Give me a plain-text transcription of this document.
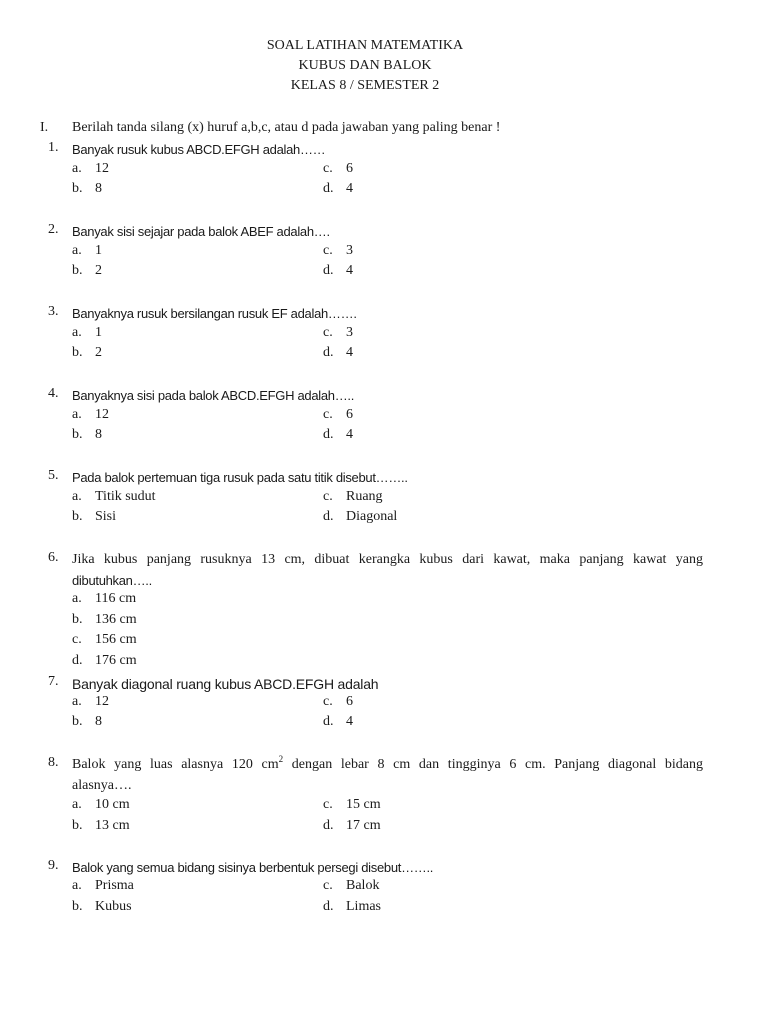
SOAL LATIHAN MATEMATIKA
KUBUS DAN BALOK
KELAS 8 / SEMESTER 2
I. Berilah tanda silang (x) huruf a,b,c, atau d pada jawaban yang paling benar !
1. Banyak rusuk kubus ABCD.EFGH adalah……
a. 12
b. 8
c. 6
d. 4
2. Banyak sisi sejajar pada balok ABEF adalah….
a. 1
b. 2
c. 3
d. 4
3. Banyaknya rusuk bersilangan rusuk EF adalah…….
a. 1
b. 2
c. 3
d. 4
4. Banyaknya sisi pada balok ABCD.EFGH adalah…..
a. 12
b. 8
c. 6
d. 4
5. Pada balok pertemuan tiga rusuk pada satu titik disebut……..
a. Titik sudut
b. Sisi
c. Ruang
d. Diagonal
6. Jika kubus panjang rusuknya 13 cm, dibuat kerangka kubus dari kawat, maka panjang kawat yang
dibutuhkan…..
a. 116 cm
b. 136 cm
c. 156 cm
d. 176 cm
7. Banyak diagonal ruang kubus ABCD.EFGH adalah
a. 12
b. 8
c. 6
d. 4
8. Balok yang luas alasnya 120 $cm^2$ dengan lebar 8 cm dan tingginya 6 cm. Panjang diagonal bidang
alasnya….
a. 10 cm
b. 13 cm
c. 15 cm
d. 17 cm
9. Balok yang semua bidang sisinya berbentuk persegi disebut……..
a. Prisma
b. Kubus
c. Balok
d. Limas
